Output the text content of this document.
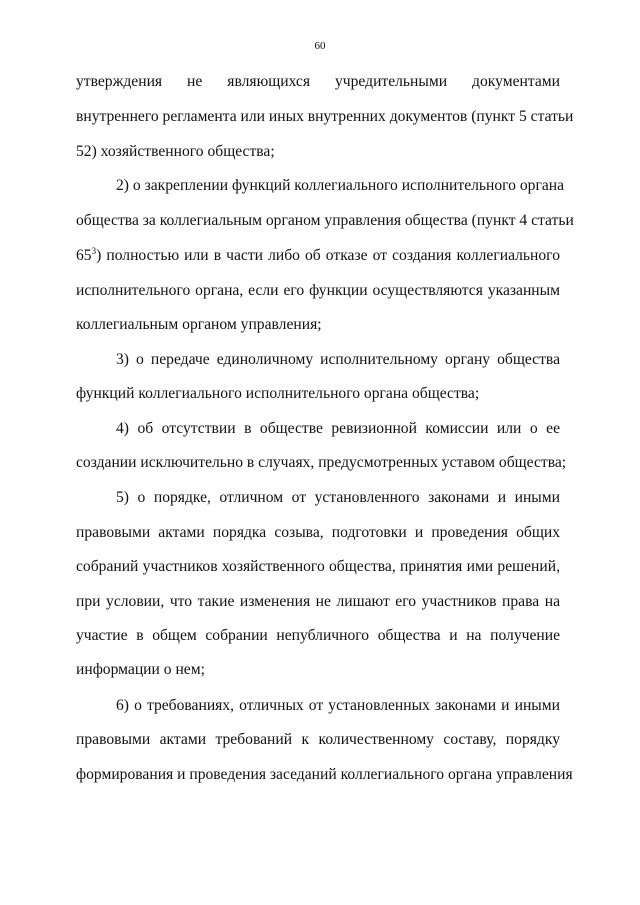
60
утверждения не являющихся учредительными документами
внутреннего регламента или иных внутренних документов (пункт 5 статьи
52) хозяйственного общества;
2) о закреплении функций коллегиального исполнительного органа
общества за коллегиальным органом управления общества (пункт 4 статьи
$65^3$) полностью или в части либо об отказе от создания коллегиального
исполнительного органа, если его функции осуществляются указанным
коллегиальным органом управления;
3) о передаче единоличному исполнительному органу общества
функций коллегиального исполнительного органа общества;
4) об отсутствии в обществе ревизионной комиссии или о ее
создании исключительно в случаях, предусмотренных уставом общества;
5) о порядке, отличном от установленного законами и иными
правовыми актами порядка созыва, подготовки и проведения общих
собраний участников хозяйственного общества, принятия ими решений,
при условии, что такие изменения не лишают его участников права на
участие в общем собрании непубличного общества и на получение
информации о нем;
6) о требованиях, отличных от установленных законами и иными
правовыми актами требований к количественному составу, порядку
формирования и проведения заседаний коллегиального органа управления
